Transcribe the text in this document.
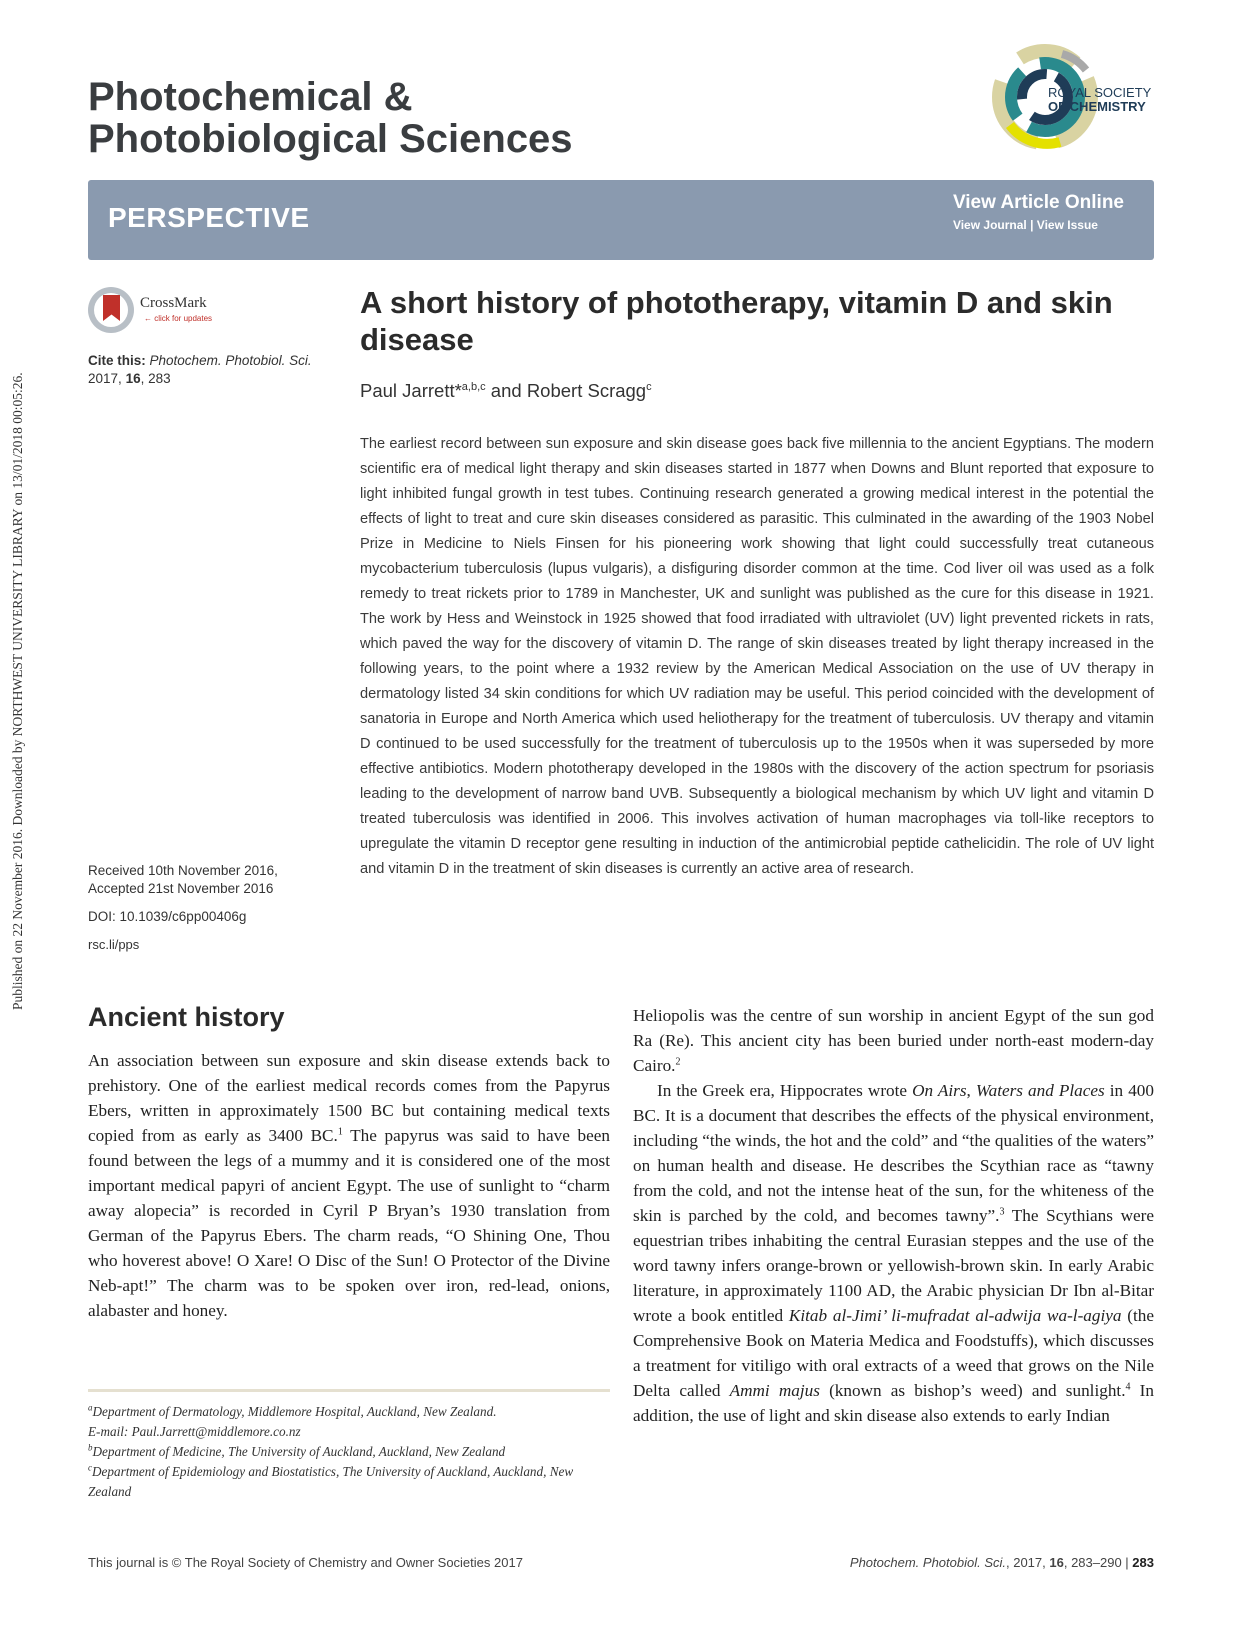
Published on 22 November 2016. Downloaded by NORTHWEST UNIVERSITY LIBRARY on 13/01/2018 00:05:26.
Photochemical &
Photobiological Sciences
ROYAL SOCIETY
OF CHEMISTRY
PERSPECTIVE	View Article Online
View Journal | View Issue
CrossMark
← click for updates
Cite this: Photochem. Photobiol. Sci.
2017, 16, 283
A short history of phototherapy, vitamin D and skin disease
Paul Jarrett*$^{a,b,c}$ and Robert Scragg$^c$
The earliest record between sun exposure and skin disease goes back five millennia to the ancient Egyptians. The modern scientific era of medical light therapy and skin diseases started in 1877 when Downs and Blunt reported that exposure to light inhibited fungal growth in test tubes. Continuing research generated a growing medical interest in the potential the effects of light to treat and cure skin diseases considered as parasitic. This culminated in the awarding of the 1903 Nobel Prize in Medicine to Niels Finsen for his pioneering work showing that light could successfully treat cutaneous mycobacterium tuberculosis (lupus vulgaris), a disfiguring disorder common at the time. Cod liver oil was used as a folk remedy to treat rickets prior to 1789 in Manchester, UK and sunlight was published as the cure for this disease in 1921. The work by Hess and Weinstock in 1925 showed that food irradiated with ultraviolet (UV) light prevented rickets in rats, which paved the way for the discovery of vitamin D. The range of skin diseases treated by light therapy increased in the following years, to the point where a 1932 review by the American Medical Association on the use of UV therapy in dermatology listed 34 skin conditions for which UV radiation may be useful. This period coincided with the development of sanatoria in Europe and North America which used heliotherapy for the treatment of tuberculosis. UV therapy and vitamin D continued to be used successfully for the treatment of tuberculosis up to the 1950s when it was superseded by more effective antibiotics. Modern phototherapy developed in the 1980s with the discovery of the action spectrum for psoriasis leading to the development of narrow band UVB. Subsequently a biological mechanism by which UV light and vitamin D treated tuberculosis was identified in 2006. This involves activation of human macrophages via toll-like receptors to upregulate the vitamin D receptor gene resulting in induction of the antimicrobial peptide cathelicidin. The role of UV light and vitamin D in the treatment of skin diseases is currently an active area of research.
Received 10th November 2016,
Accepted 21st November 2016
DOI: 10.1039/c6pp00406g
rsc.li/pps
Ancient history

An association between sun exposure and skin disease extends back to prehistory. One of the earliest medical records comes from the Papyrus Ebers, written in approximately 1500 BC but containing medical texts copied from as early as 3400 BC.$^1$ The papyrus was said to have been found between the legs of a mummy and it is considered one of the most important medical papyri of ancient Egypt. The use of sunlight to “charm away alopecia” is recorded in Cyril P Bryan’s 1930 translation from German of the Papyrus Ebers. The charm reads, “O Shining One, Thou who hoverest above! O Xare! O Disc of the Sun! O Protector of the Divine Neb-apt!” The charm was to be spoken over iron, red-lead, onions, alabaster and honey.

$^a$Department of Dermatology, Middlemore Hospital, Auckland, New Zealand.
E-mail: Paul.Jarrett@middlemore.co.nz
$^b$Department of Medicine, The University of Auckland, Auckland, New Zealand
$^c$Department of Epidemiology and Biostatistics, The University of Auckland, Auckland, New Zealand

Heliopolis was the centre of sun worship in ancient Egypt of the sun god Ra (Re). This ancient city has been buried under north-east modern-day Cairo.$^2$

In the Greek era, Hippocrates wrote On Airs, Waters and Places in 400 BC. It is a document that describes the effects of the physical environment, including “the winds, the hot and the cold” and “the qualities of the waters” on human health and disease. He describes the Scythian race as “tawny from the cold, and not the intense heat of the sun, for the whiteness of the skin is parched by the cold, and becomes tawny”.$^3$ The Scythians were equestrian tribes inhabiting the central Eurasian steppes and the use of the word tawny infers orange-brown or yellowish-brown skin. In early Arabic literature, in approximately 1100 AD, the Arabic physician Dr Ibn al-Bitar wrote a book entitled Kitab al-Jimi’ li-mufradat al-adwija wa-l-agiya (the Comprehensive Book on Materia Medica and Foodstuffs), which discusses a treatment for vitiligo with oral extracts of a weed that grows on the Nile Delta called Ammi majus (known as bishop’s weed) and sunlight.$^4$ In addition, the use of light and skin disease also extends to early Indian

This journal is © The Royal Society of Chemistry and Owner Societies 2017	Photochem. Photobiol. Sci., 2017, 16, 283–290 | 283
